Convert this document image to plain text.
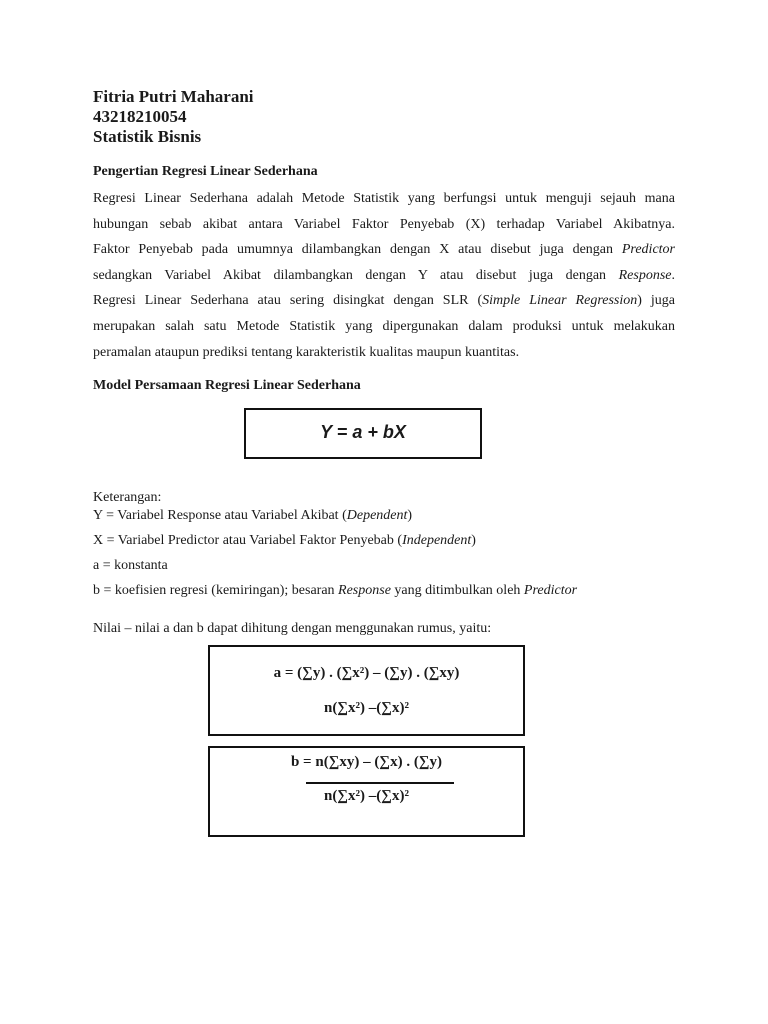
Fitria Putri Maharani
43218210054
Statistik Bisnis
Pengertian Regresi Linear Sederhana
Regresi Linear Sederhana adalah Metode Statistik yang berfungsi untuk menguji sejauh mana
hubungan sebab akibat antara Variabel Faktor Penyebab (X) terhadap Variabel Akibatnya.
Faktor Penyebab pada umumnya dilambangkan dengan X atau disebut juga dengan Predictor
sedangkan Variabel Akibat dilambangkan dengan Y atau disebut juga dengan Response.
Regresi Linear Sederhana atau sering disingkat dengan SLR (Simple Linear Regression) juga
merupakan salah satu Metode Statistik yang dipergunakan dalam produksi untuk melakukan
peramalan ataupun prediksi tentang karakteristik kualitas maupun kuantitas.
Model Persamaan Regresi Linear Sederhana
Y = a + bX
Keterangan:
Y = Variabel Response atau Variabel Akibat (Dependent)
X = Variabel Predictor atau Variabel Faktor Penyebab (Independent)
a = konstanta
b = koefisien regresi (kemiringan); besaran Response yang ditimbulkan oleh Predictor
Nilai – nilai a dan b dapat dihitung dengan menggunakan rumus, yaitu:
a = (∑y) . (∑x²) – (∑y) . (∑xy)
n(∑x²) –(∑x)²
b = n(∑xy) – (∑x) . (∑y)
n(∑x²) –(∑x)²
